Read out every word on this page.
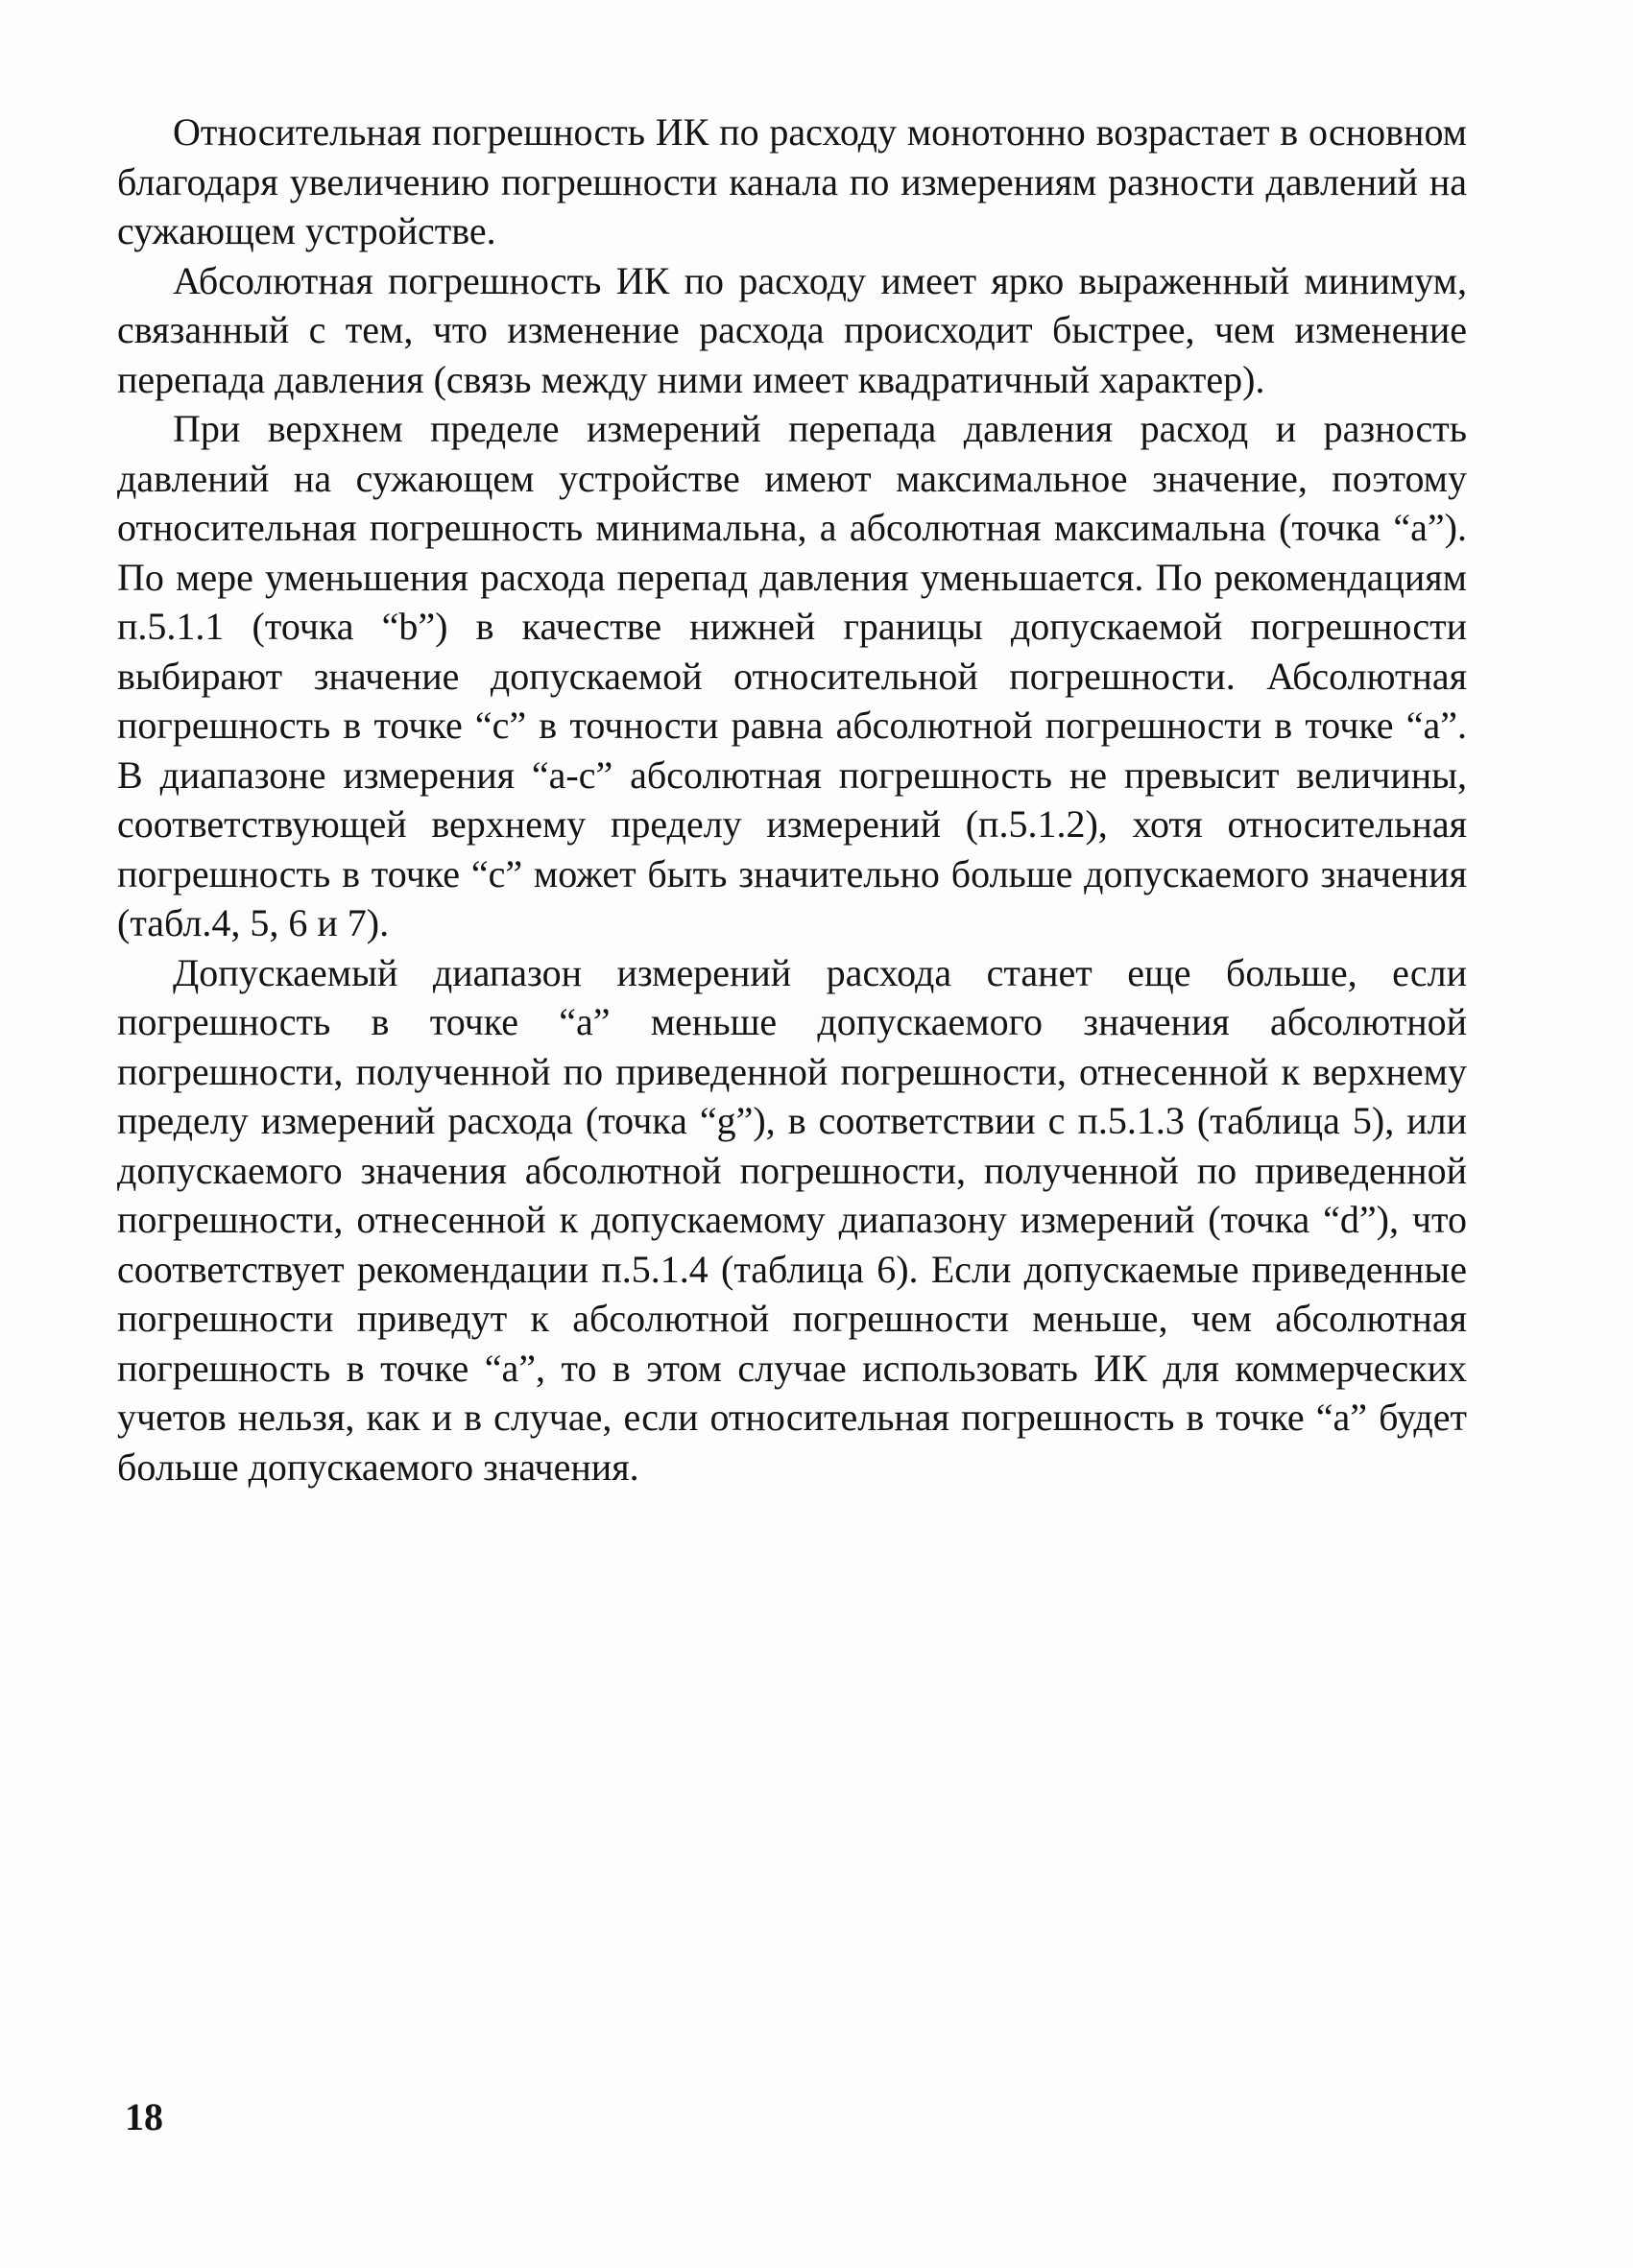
Относительная погрешность ИК по расходу монотонно возрастает в основном благодаря увеличению погрешности канала по измерениям разности давлений на сужающем устройстве.

Абсолютная погрешность ИК по расходу имеет ярко выраженный минимум, связанный с тем, что изменение расхода происходит быстрее, чем изменение перепада давления (связь между ними имеет квадратичный характер).

При верхнем пределе измерений перепада давления расход и разность давлений на сужающем устройстве имеют максимальное значение, поэтому относительная погрешность минимальна, а абсолютная максимальна (точка “а”). По мере уменьшения расхода перепад давления уменьшается. По рекомендациям п.5.1.1 (точка “b”) в качестве нижней границы допускаемой погрешности выбирают значение допускаемой относительной погрешности. Абсолютная погрешность в точке “с” в точности равна абсолютной погрешности в точке “а”. В диапазоне измерения “а-с” абсолютная погрешность не превысит величины, соответствующей верхнему пределу измерений (п.5.1.2), хотя относительная погрешность в точке “с” может быть значительно больше допускаемого значения (табл.4, 5, 6 и 7).

Допускаемый диапазон измерений расхода станет еще больше, если погрешность в точке “а” меньше допускаемого значения абсолютной погрешности, полученной по приведенной погрешности, отнесенной к верхнему пределу измерений расхода (точка “g”), в соответствии с п.5.1.3 (таблица 5), или допускаемого значения абсолютной погрешности, полученной по приведенной погрешности, отнесенной к допускаемому диапазону измерений (точка “d”), что соответствует рекомендации п.5.1.4 (таблица 6). Если допускаемые приведенные погрешности приведут к абсолютной погрешности меньше, чем абсолютная погрешность в точке “а”, то в этом случае использовать ИК для коммерческих учетов нельзя, как и в случае, если относительная погрешность в точке “а” будет больше допускаемого значения.

18
